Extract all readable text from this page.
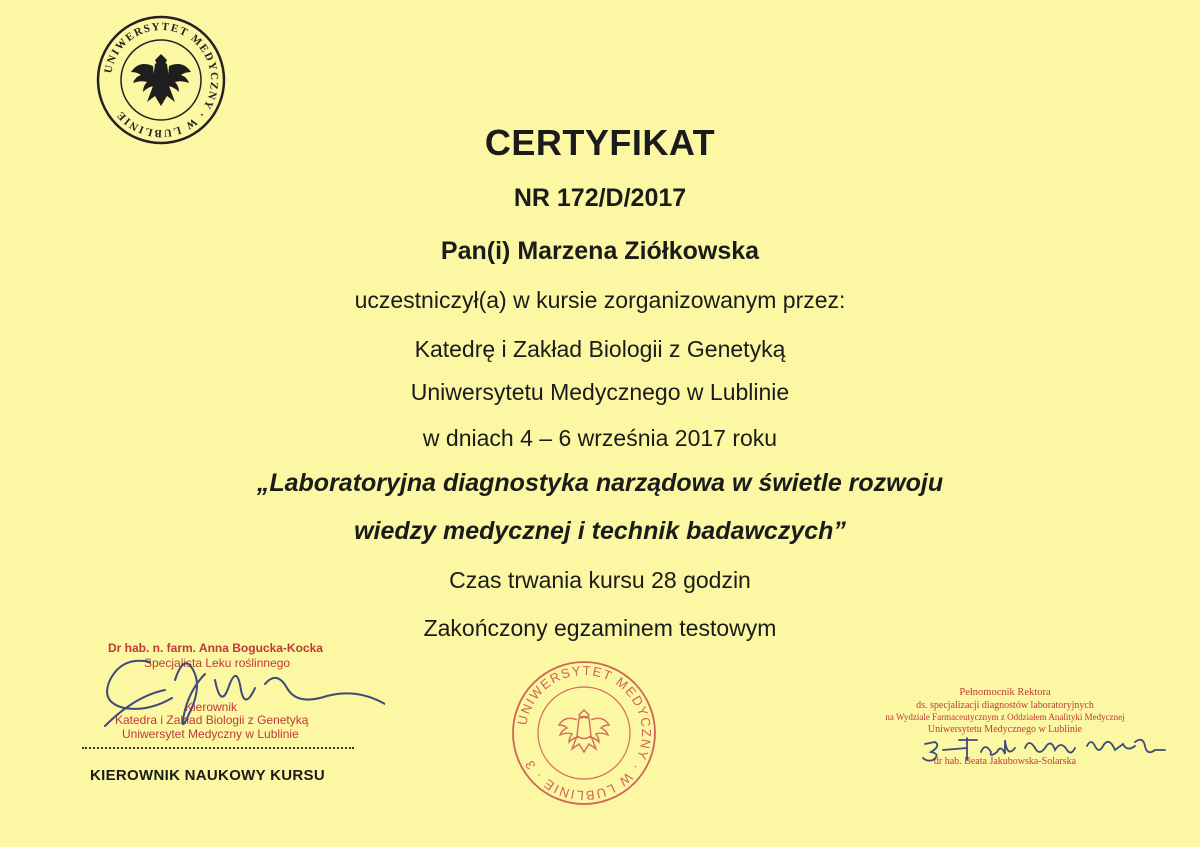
UNIWERSYTET MEDYCZNY · W LUBLINIE
CERTYFIKAT
NR 172/D/2017
Pan(i) Marzena Ziółkowska
uczestniczył(a) w kursie zorganizowanym przez:
Katedrę i Zakład Biologii z Genetyką
Uniwersytetu Medycznego w Lublinie
w dniach 4 – 6 września 2017 roku
„Laboratoryjna diagnostyka narządowa w świetle rozwoju
wiedzy medycznej i technik badawczych”
Czas trwania kursu 28 godzin
Zakończony egzaminem testowym
Dr hab. n. farm. Anna Bogucka-Kocka
Specjalista Leku roślinnego
Kierownik
Katedra i Zakład Biologii z Genetyką
Uniwersytet Medyczny w Lublinie
KIEROWNIK NAUKOWY KURSU
UNIWERSYTET MEDYCZNY · W LUBLINIE · 3
Pełnomocnik Rektora
ds. specjalizacji diagnostów laboratoryjnych
na Wydziale Farmaceutycznym z Oddziałem Analityki Medycznej
Uniwersytetu Medycznego w Lublinie
dr hab. Beata Jakubowska-Solarska
